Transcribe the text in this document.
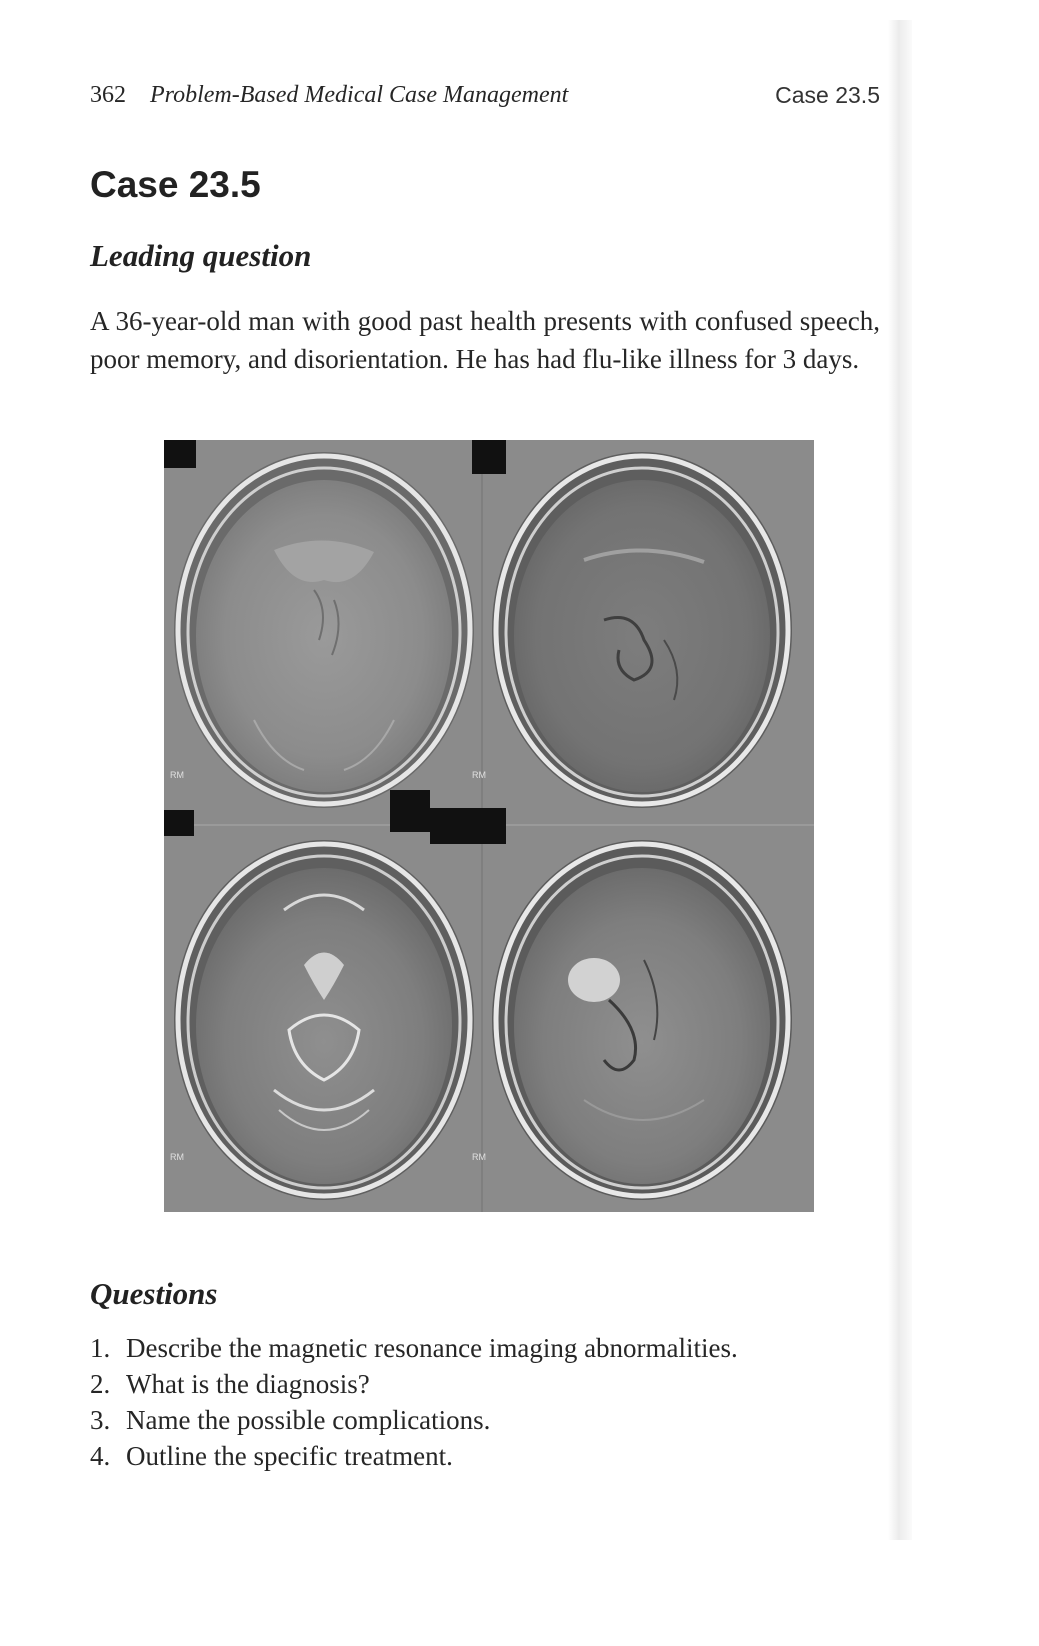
362 Problem-Based Medical Case Management	Case 23.5
Case 23.5
Leading question

A 36-year-old man with good past health presents with confused speech, poor memory, and disorientation. He has had flu-like illness for 3 days.

RM	RM
RM	RM
Questions
1. Describe the magnetic resonance imaging abnormalities.
2. What is the diagnosis?
3. Name the possible complications.
4. Outline the specific treatment.
